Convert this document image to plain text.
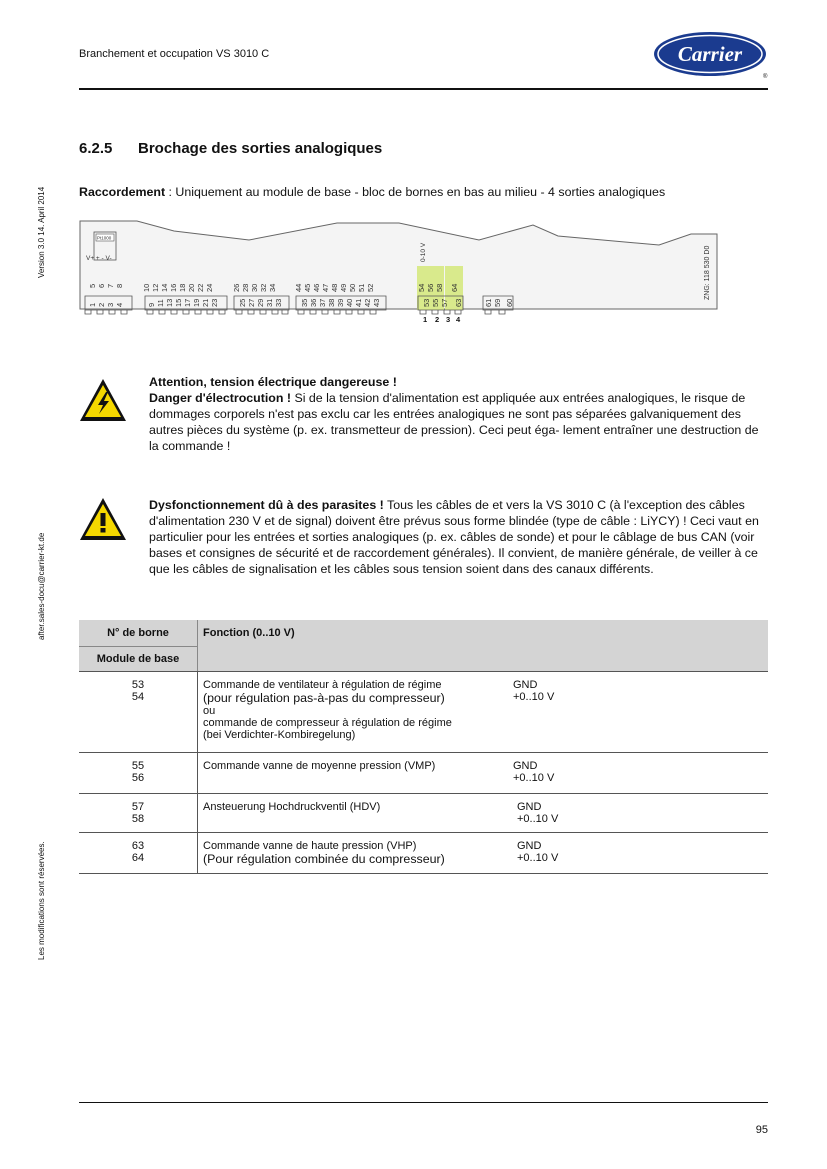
Branchement et occupation VS 3010 C	Carrier
®
Version 3.0 14. April 2014
after.sales-docu@carrier-kt.de
Les modifications sont réservées.
6.2.5 Brochage des sorties analogiques
Raccordement : Uniquement au module de base - bloc de bornes en bas au milieu - 4 sorties analogiques
Pt1000
V+ + - V-	0-10 V	ZNG: 118 530 D0
10 12 14 16 18 20 22 24 26 28 30 32 34 44 45 46 47 48 49 50 51 52	54 56 58 64
1 2 3 4	9 11 13 15 17 19 21 23	25 27 29 31 33 35 36 37 38 39 40 41 42 43	53 55 57 63	61 59 60
5 6 7 8
1 2 3 4
Attention, tension électrique dangereuse !
Danger d'électrocution ! Si de la tension d'alimentation est appliquée aux entrées analogiques, le risque de dommages corporels n'est pas exclu car les entrées analogiques ne sont pas séparées galvaniquement des autres pièces du système (p. ex. transmetteur de pression). Ceci peut éga- lement entraîner une destruction de la commande !
Dysfonctionnement dû à des parasites ! Tous les câbles de et vers la VS 3010 C (à l'exception des câbles d'alimentation 230 V et de signal) doivent être prévus sous forme blindée (type de câble : LiYCY) ! Ceci vaut en particulier pour les entrées et sorties analogiques (p. ex. câbles de sonde) et pour le câblage de bus CAN (voir bases et consignes de sécurité et de raccordement générales). Il convient, de manière générale, de veiller à ce que les câbles de signalisation et les câbles sous tension soient dans des canaux différents.
N° de borne	Fonction (0..10 V)	
Module de base		

53
54	Commande de ventilateur à régulation de régime
(pour régulation pas-à-pas du compresseur)
ou
commande de compresseur à régulation de régime
(bei Verdichter-Kombiregelung)	GND
+0..10 V

55
56	Commande vanne de moyenne pression (VMP)	GND
+0..10 V

57
58	Ansteuerung Hochdruckventil (HDV)	GND
+0..10 V

63
64	Commande vanne de haute pression (VHP)
(Pour régulation combinée du compresseur)	GND
+0..10 V
95
